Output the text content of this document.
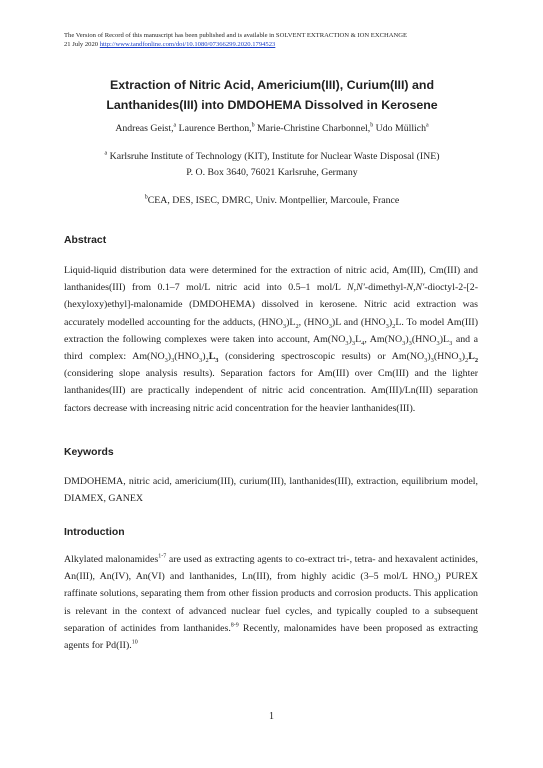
The Version of Record of this manuscript has been published and is available in SOLVENT EXTRACTION & ION EXCHANGE
21 July 2020 http://www.tandfonline.com/doi/10.1080/07366299.2020.1794523
Extraction of Nitric Acid, Americium(III), Curium(III) and
Lanthanides(III) into DMDOHEMA Dissolved in Kerosene
Andreas Geist,$^a$ Laurence Berthon,$^b$ Marie-Christine Charbonnel,$^b$ Udo Müllich$^a$
$^a$ Karlsruhe Institute of Technology (KIT), Institute for Nuclear Waste Disposal (INE)
P. O. Box 3640, 76021 Karlsruhe, Germany
$^b$CEA, DES, ISEC, DMRC, Univ. Montpellier, Marcoule, France
Abstract
Liquid-liquid distribution data were determined for the extraction of nitric acid, Am(III), Cm(III) and lanthanides(III) from 0.1–7 mol/L nitric acid into 0.5–1 mol/L N,N'-dimethyl-N,N'-dioctyl-2-[2-(hexyloxy)ethyl]-malonamide (DMDOHEMA) dissolved in kerosene. Nitric acid extraction was accurately modelled accounting for the adducts, $(HNO_3)L_2$, $(HNO_3)L$ and $(HNO_3)_2L$. To model Am(III) extraction the following complexes were taken into account, $Am(NO_3)_3L_4$, $Am(NO_3)_3(HNO_3)L_3$ and a third complex: $Am(NO_3)_3(HNO_3)_2L_3$ (considering spectroscopic results) or $Am(NO_3)_3(HNO_3)_2L_2$ (considering slope analysis results). Separation factors for Am(III) over Cm(III) and the lighter lanthanides(III) are practically independent of nitric acid concentration. Am(III)/Ln(III) separation factors decrease with increasing nitric acid concentration for the heavier lanthanides(III).
Keywords
DMDOHEMA, nitric acid, americium(III), curium(III), lanthanides(III), extraction, equilibrium model, DIAMEX, GANEX
Introduction
Alkylated malonamides$^{1-7}$ are used as extracting agents to co-extract tri-, tetra- and hexavalent actinides, An(III), An(IV), An(VI) and lanthanides, Ln(III), from highly acidic (3–5 mol/L $HNO_3$) PUREX raffinate solutions, separating them from other fission products and corrosion products. This application is relevant in the context of advanced nuclear fuel cycles, and typically coupled to a subsequent separation of actinides from lanthanides.$^{8-9}$ Recently, malonamides have been proposed as extracting agents for Pd(II).$^{10}$
1
